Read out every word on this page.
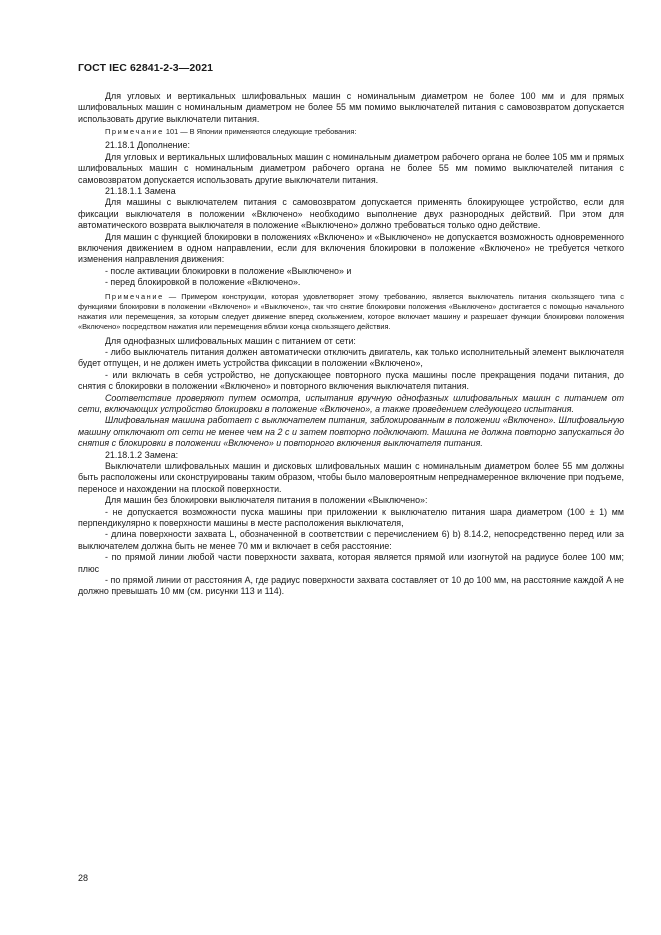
ГОСТ IEC 62841-2-3—2021

Для угловых и вертикальных шлифовальных машин с номинальным диаметром не более 100 мм и для прямых шлифовальных машин с номинальным диаметром не более 55 мм помимо выключателей питания с самовозвратом допускается использовать другие выключатели питания.

Примечание 101 — В Японии применяются следующие требования:

21.18.1 Дополнение:

Для угловых и вертикальных шлифовальных машин с номинальным диаметром рабочего органа не более 105 мм и прямых шлифовальных машин с номинальным диаметром рабочего органа не более 55 мм помимо выключателей питания с самовозвратом допускается использовать другие выключатели питания.

21.18.1.1 Замена

Для машины с выключателем питания с самовозвратом допускается применять блокирующее устройство, если для фиксации выключателя в положении «Включено» необходимо выполнение двух разнородных действий. При этом для автоматического возврата выключателя в положение «Выключено» должно требоваться только одно действие.

Для машин с функцией блокировки в положениях «Включено» и «Выключено» не допускается возможность одновременного включения движением в одном направлении, если для включения блокировки в положение «Включено» не требуется четкого изменения направления движения:

- после активации блокировки в положение «Выключено» и

- перед блокировкой в положение «Включено».

Примечание — Примером конструкции, которая удовлетворяет этому требованию, является выключатель питания скользящего типа с функциями блокировки в положении «Включено» и «Выключено», так что снятие блокировки положения «Выключено» достигается с помощью начального нажатия или перемещения, за которым следует движение вперед скольжением, которое включает машину и разрешает функции блокировки положения «Включено» посредством нажатия или перемещения вблизи конца скользящего действия.

Для однофазных шлифовальных машин с питанием от сети:

- либо выключатель питания должен автоматически отключить двигатель, как только исполнительный элемент выключателя будет отпущен, и не должен иметь устройства фиксации в положении «Включено»,

- или включать в себя устройство, не допускающее повторного пуска машины после прекращения подачи питания, до снятия с блокировки в положении «Включено» и повторного включения выключателя питания.

Соответствие проверяют путем осмотра, испытания вручную однофазных шлифовальных машин с питанием от сети, включающих устройство блокировки в положение «Включено», а также проведением следующего испытания.

Шлифовальная машина работает с выключателем питания, заблокированным в положении «Включено». Шлифовальную машину отключают от сети не менее чем на 2 с и затем повторно подключают. Машина не должна повторно запускаться до снятия с блокировки в положении «Включено» и повторного включения выключателя питания.

21.18.1.2 Замена:

Выключатели шлифовальных машин и дисковых шлифовальных машин с номинальным диаметром более 55 мм должны быть расположены или сконструированы таким образом, чтобы было маловероятным непреднамеренное включение при подъеме, переносе и нахождении на плоской поверхности.

Для машин без блокировки выключателя питания в положении «Выключено»:

- не допускается возможности пуска машины при приложении к выключателю питания шара диаметром (100 ± 1) мм перпендикулярно к поверхности машины в месте расположения выключателя,

- длина поверхности захвата L, обозначенной в соответствии с перечислением 6) b) 8.14.2, непосредственно перед или за выключателем должна быть не менее 70 мм и включает в себя расстояние:

- по прямой линии любой части поверхности захвата, которая является прямой или изогнутой на радиусе более 100 мм; плюс

- по прямой линии от расстояния A, где радиус поверхности захвата составляет от 10 до 100 мм, на расстояние каждой A не должно превышать 10 мм (см. рисунки 113 и 114).

28
